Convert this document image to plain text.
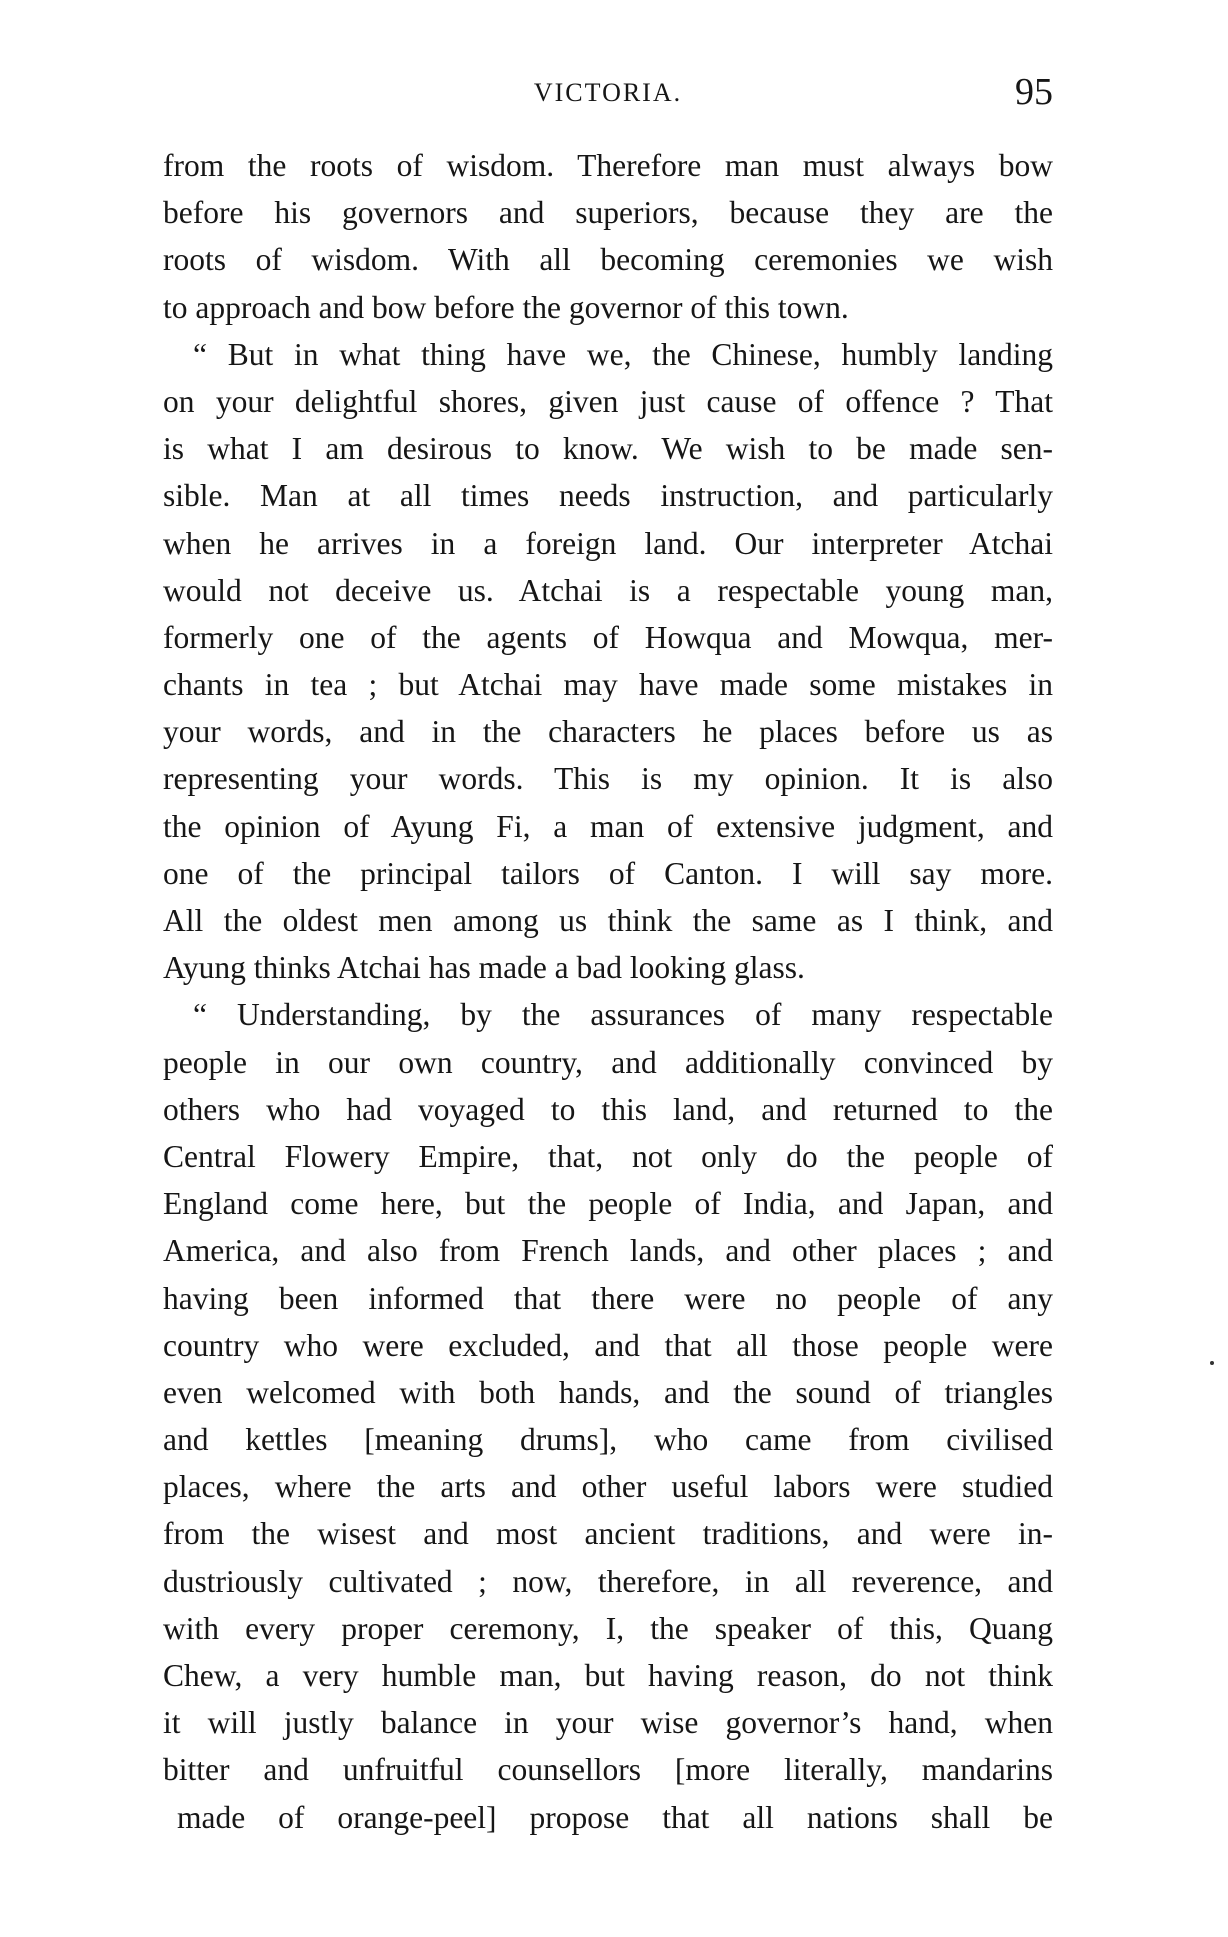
VICTORIA.	95
from the roots of wisdom. Therefore man must always bow
before his governors and superiors, because they are the
roots of wisdom. With all becoming ceremonies we wish
to approach and bow before the governor of this town.
“ But in what thing have we, the Chinese, humbly landing
on your delightful shores, given just cause of offence ? That
is what I am desirous to know. We wish to be made sen-
sible. Man at all times needs instruction, and particularly
when he arrives in a foreign land. Our interpreter Atchai
would not deceive us. Atchai is a respectable young man,
formerly one of the agents of Howqua and Mowqua, mer-
chants in tea ; but Atchai may have made some mistakes in
your words, and in the characters he places before us as
representing your words. This is my opinion. It is also
the opinion of Ayung Fi, a man of extensive judgment, and
one of the principal tailors of Canton. I will say more.
All the oldest men among us think the same as I think, and
Ayung thinks Atchai has made a bad looking glass.
“ Understanding, by the assurances of many respectable
people in our own country, and additionally convinced by
others who had voyaged to this land, and returned to the
Central Flowery Empire, that, not only do the people of
England come here, but the people of India, and Japan, and
America, and also from French lands, and other places ; and
having been informed that there were no people of any
country who were excluded, and that all those people were
even welcomed with both hands, and the sound of triangles
and kettles [meaning drums], who came from civilised
places, where the arts and other useful labors were studied
from the wisest and most ancient traditions, and were in-
dustriously cultivated ; now, therefore, in all reverence, and
with every proper ceremony, I, the speaker of this, Quang
Chew, a very humble man, but having reason, do not think
it will justly balance in your wise governor’s hand, when
bitter and unfruitful counsellors [more literally, mandarins
made of orange-peel] propose that all nations shall be
